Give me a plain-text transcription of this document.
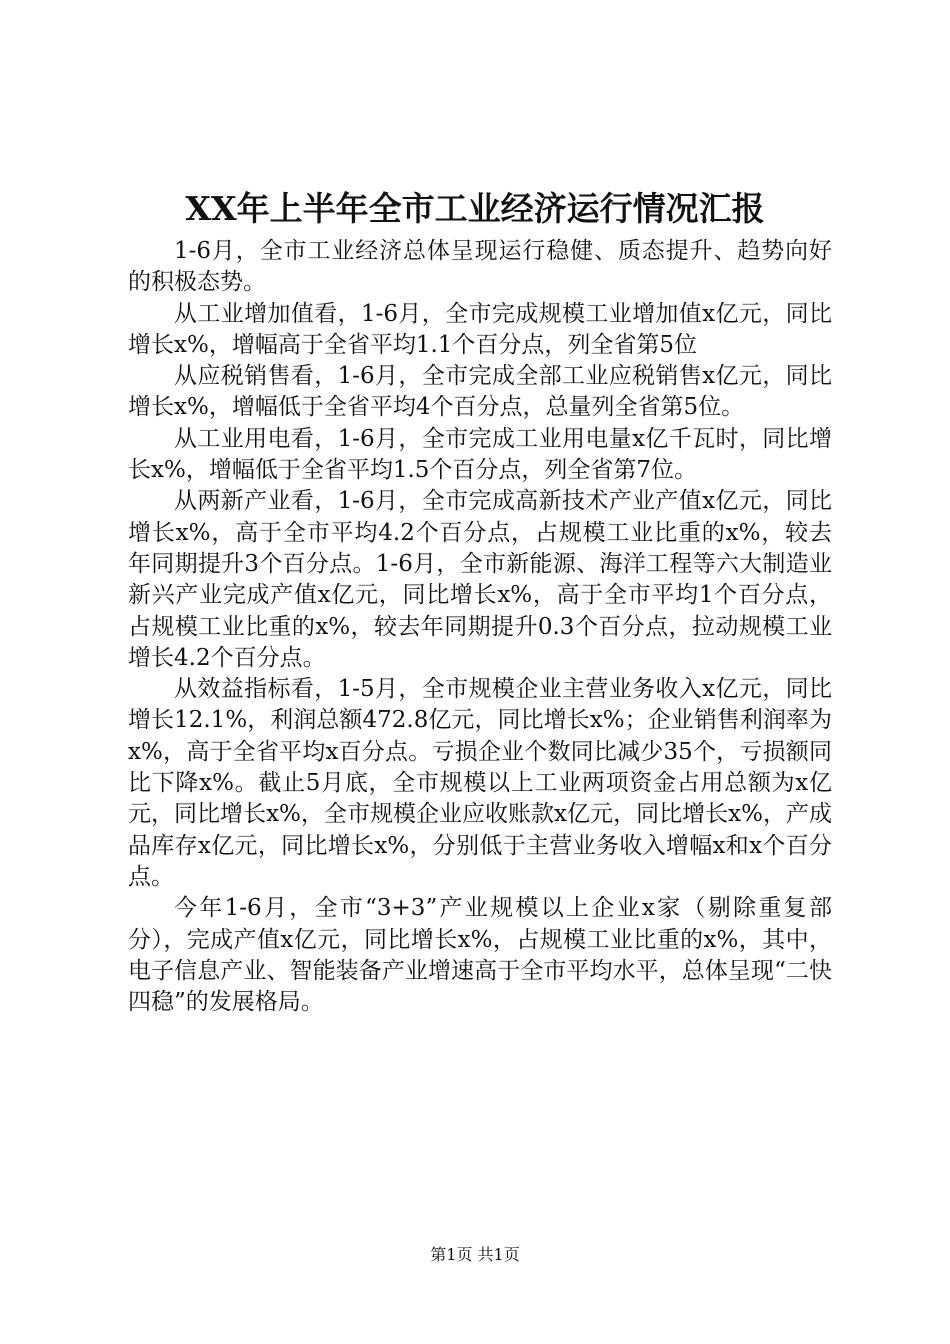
XX年上半年全市工业经济运行情况汇报

1-6月，全市工业经济总体呈现运行稳健、质态提升、趋势向好的积极态势。

从工业增加值看，1-6月，全市完成规模工业增加值x亿元，同比增长x%，增幅高于全省平均1.1个百分点，列全省第5位

从应税销售看，1-6月，全市完成全部工业应税销售x亿元，同比增长x%，增幅低于全省平均4个百分点，总量列全省第5位。

从工业用电看，1-6月，全市完成工业用电量x亿千瓦时，同比增长x%，增幅低于全省平均1.5个百分点，列全省第7位。

从两新产业看，1-6月，全市完成高新技术产业产值x亿元，同比增长x%，高于全市平均4.2个百分点，占规模工业比重的x%，较去年同期提升3个百分点。1-6月，全市新能源、海洋工程等六大制造业新兴产业完成产值x亿元，同比增长x%，高于全市平均1个百分点，占规模工业比重的x%，较去年同期提升0.3个百分点，拉动规模工业增长4.2个百分点。

从效益指标看，1-5月，全市规模企业主营业务收入x亿元，同比增长12.1%，利润总额472.8亿元，同比增长x%；企业销售利润率为x%，高于全省平均x百分点。亏损企业个数同比减少35个，亏损额同比下降x%。截止5月底，全市规模以上工业两项资金占用总额为x亿元，同比增长x%，全市规模企业应收账款x亿元，同比增长x%，产成品库存x亿元，同比增长x%，分别低于主营业务收入增幅x和x个百分点。

今年1-6月，全市“3+3”产业规模以上企业x家（剔除重复部分），完成产值x亿元，同比增长x%，占规模工业比重的x%，其中，电子信息产业、智能装备产业增速高于全市平均水平，总体呈现“二快四稳”的发展格局。

第1页 共1页
